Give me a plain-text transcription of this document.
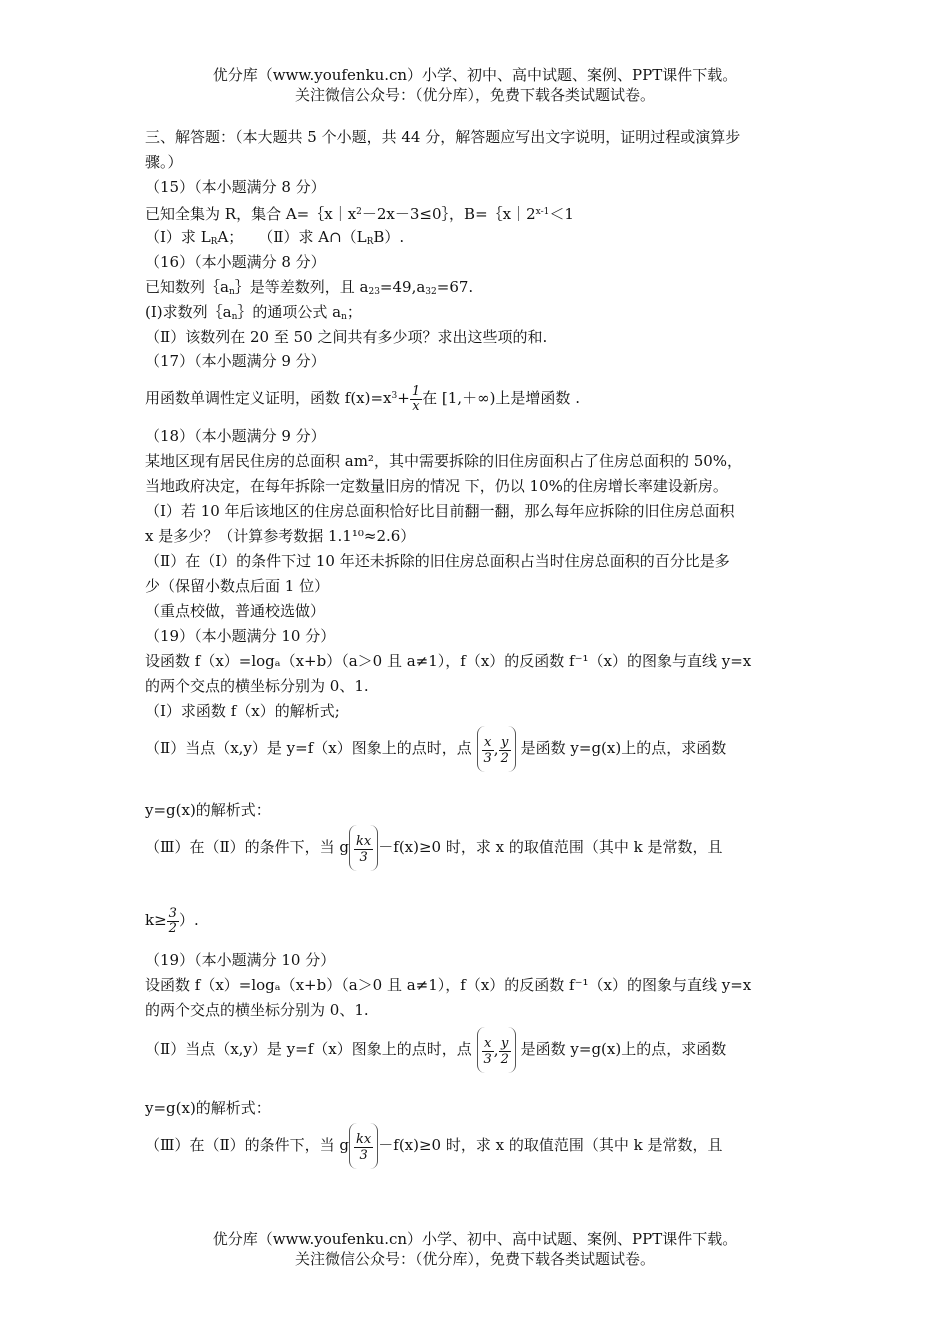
优分库（www.youfenku.cn）小学、初中、高中试题、案例、PPT课件下载。
关注微信公众号：（优分库），免费下载各类试题试卷。
三、解答题：（本大题共 5 个小题，共 44 分，解答题应写出文字说明，证明过程或演算步
骤。）
（15）（本小题满分 8 分）
已知全集为 R，集合 $A=\{x|x^2-2x-3\le 0\}$，$B=\{x|2^{x-1}<1$
（Ⅰ）求 $L_RA$；　　（Ⅱ）求 $A\cap(L_RB)$.
（16）（本小题满分 8 分）
已知数列$\{a_n\}$是等差数列，且 $a_{23}=49,a_{32}=67$.
(Ⅰ)求数列$\{a_n\}$的通项公式 $a_n$；
（Ⅱ）该数列在 20 至 50 之间共有多少项？求出这些项的和.
（17）（本小题满分 9 分）
用函数单调性定义证明，函数 $f(x)=x^3+ \frac{1}{x}$ 在 [1,＋∞)上是增函数 .
（18）（本小题满分 9 分）
某地区现有居民住房的总面积 am²，其中需要拆除的旧住房面积占了住房总面积的 50%，
当地政府决定，在每年拆除一定数量旧房的情况 下，仍以 10%的住房增长率建设新房。
（Ⅰ）若 10 年后该地区的住房总面积恰好比目前翻一翻，那么每年应拆除的旧住房总面积
x 是多少？（计算参考数据 1.1¹⁰≈2.6）
（Ⅱ）在（Ⅰ）的条件下过 10 年还未拆除的旧住房总面积占当时住房总面积的百分比是多
少（保留小数点后面 1 位）
（重点校做，普通校选做）
（19）（本小题满分 10 分）
设函数 f（x）=logₐ（x+b）（a＞0 且 a≠1），f（x）的反函数 f⁻¹（x）的图象与直线 y=x
的两个交点的横坐标分别为 0、1.
（Ⅰ）求函数 f（x）的解析式;
（Ⅱ）当点（x,y）是 y=f（x）图象上的点时，点 $\frac{x}{3}$ , $\frac{y}{2}$ 是函数 y=g(x)上的点，求函数
y=g(x)的解析式：
（Ⅲ）在（Ⅱ）的条件下，当 g $\frac{kx}{3} -f(x)\ge 0$ 时，求 x 的取值范围（其中 k 是常数，且
$k\ge \frac{3}{2}$ ）.
（19）（本小题满分 10 分）
设函数 f（x）=logₐ（x+b）（a＞0 且 a≠1），f（x）的反函数 f⁻¹（x）的图象与直线 y=x
的两个交点的横坐标分别为 0、1.
（Ⅱ）当点（x,y）是 y=f（x）图象上的点时，点 $\frac{x}{3}$ , $\frac{y}{2}$ 是函数 y=g(x)上的点，求函数
y=g(x)的解析式：
（Ⅲ）在（Ⅱ）的条件下，当 g $\frac{kx}{3} -f(x)\ge 0$ 时，求 x 的取值范围（其中 k 是常数，且
优分库（www.youfenku.cn）小学、初中、高中试题、案例、PPT课件下载。
关注微信公众号：（优分库），免费下载各类试题试卷。
